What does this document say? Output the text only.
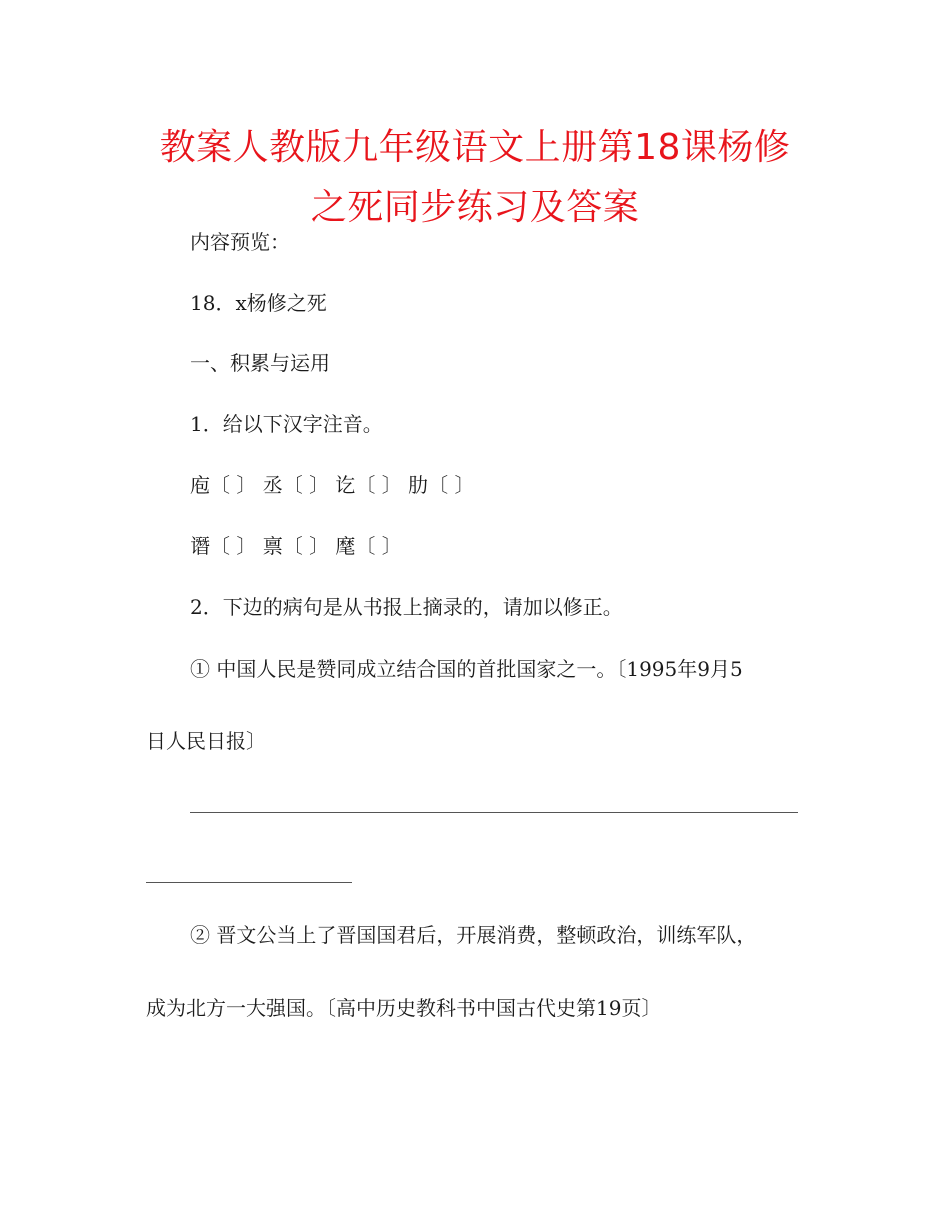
教案人教版九年级语文上册第18课杨修
之死同步练习及答案

内容预览：

18．x杨修之死

一、积累与运用

1．给以下汉字注音。

庖〔 〕 丞〔 〕 讫〔 〕 肋〔 〕

谮〔 〕 禀〔 〕 麾〔 〕

2．下边的病句是从书报上摘录的，请加以修正。

① 中国人民是赞同成立结合国的首批国家之一。〔1995年9月5

日人民日报〕

② 晋文公当上了晋国国君后，开展消费，整顿政治，训练军队，

成为北方一大强国。〔高中历史教科书中国古代史第19页〕
